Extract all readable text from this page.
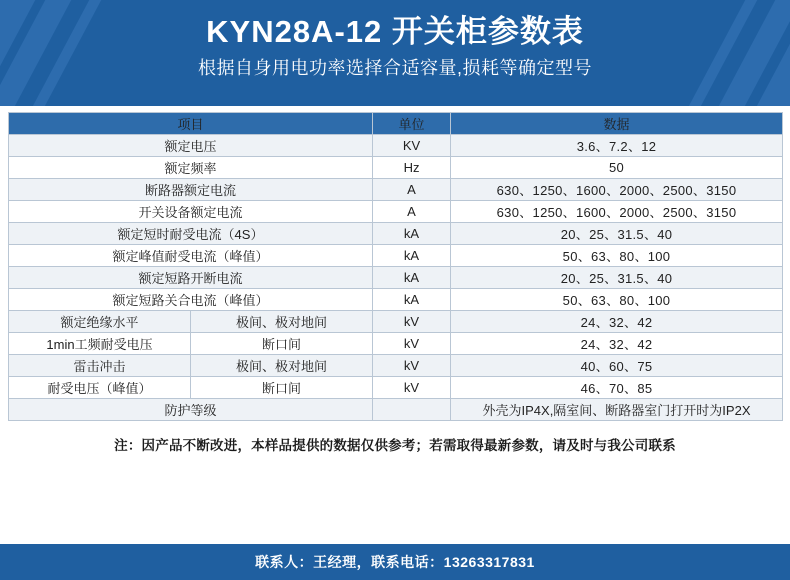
KYN28A-12 开关柜参数表
根据自身用电功率选择合适容量,损耗等确定型号
项目		单位	数据
额定电压		KV	3.6、7.2、12
额定频率		Hz	50
断路器额定电流		A	630、1250、1600、2000、2500、3150
开关设备额定电流		A	630、1250、1600、2000、2500、3150
额定短时耐受电流（4S）		kA	20、25、31.5、40
额定峰值耐受电流（峰值）		kA	50、63、80、100
额定短路开断电流		kA	20、25、31.5、40
额定短路关合电流（峰值）		kA	50、63、80、100
额定绝缘水平	极间、极对地间	kV	24、32、42
1min工频耐受电压	断口间	kV	24、32、42
雷击冲击	极间、极对地间	kV	40、60、75
耐受电压（峰值）	断口间	kV	46、70、85
防护等级			外壳为IP4X,隔室间、断路器室门打开时为IP2X
注：因产品不断改进，本样品提供的数据仅供参考；若需取得最新参数，请及时与我公司联系
联系人：王经理，联系电话：13263317831
